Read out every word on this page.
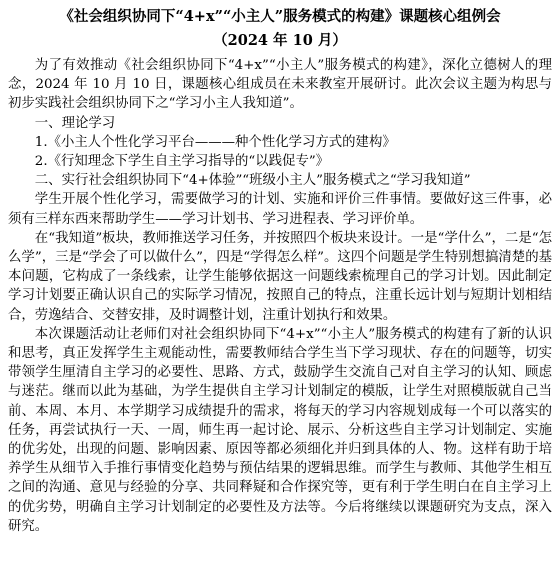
《社会组织协同下“4+x”“小主人”服务模式的构建》课题核心组例会

（2024 年 10 月）

为了有效推动《社会组织协同下“4+x”“小主人”服务模式的构建》，深化立德树人的理念，2024 年 10 月 10 日，课题核心组成员在未来教室开展研讨。此次会议主题为构思与初步实践社会组织协同下之“学习小主人我知道”。

一、理论学习

1.《小主人个性化学习平台———种个性化学习方式的建构》

2.《行知理念下学生自主学习指导的“以践促专”》

二、实行社会组织协同下“4+体验”“班级小主人”服务模式之“学习我知道”

学生开展个性化学习，需要做学习的计划、实施和评价三件事情。要做好这三件事，必须有三样东西来帮助学生——学习计划书、学习进程表、学习评价单。

在“我知道”板块，教师推送学习任务，并按照四个板块来设计。一是“学什么”，二是“怎么学”，三是“学会了可以做什么”，四是“学得怎么样”。这四个问题是学生特别想搞清楚的基本问题，它构成了一条线索，让学生能够依据这一问题线索梳理自己的学习计划。因此制定学习计划要正确认识自己的实际学习情况，按照自己的特点，注重长远计划与短期计划相结合，劳逸结合、交替安排，及时调整计划，注重计划执行和效果。

本次课题活动让老师们对社会组织协同下“4+x”“小主人”服务模式的构建有了新的认识和思考，真正发挥学生主观能动性，需要教师结合学生当下学习现状、存在的问题等，切实带领学生厘清自主学习的必要性、思路、方式，鼓励学生交流自己对自主学习的认知、顾虑与迷茫。继而以此为基础，为学生提供自主学习计划制定的模版，让学生对照模版就自己当前、本周、本月、本学期学习成绩提升的需求，将每天的学习内容规划成每一个可以落实的任务，再尝试执行一天、一周，师生再一起讨论、展示、分析这些自主学习计划制定、实施的优劣处，出现的问题、影响因素、原因等都必须细化并归到具体的人、物。这样有助于培养学生从细节入手推行事情变化趋势与预估结果的逻辑思维。而学生与教师、其他学生相互之间的沟通、意见与经验的分享、共同释疑和合作探究等，更有利于学生明白在自主学习上的优劣势，明确自主学习计划制定的必要性及方法等。今后将继续以课题研究为支点，深入研究。
